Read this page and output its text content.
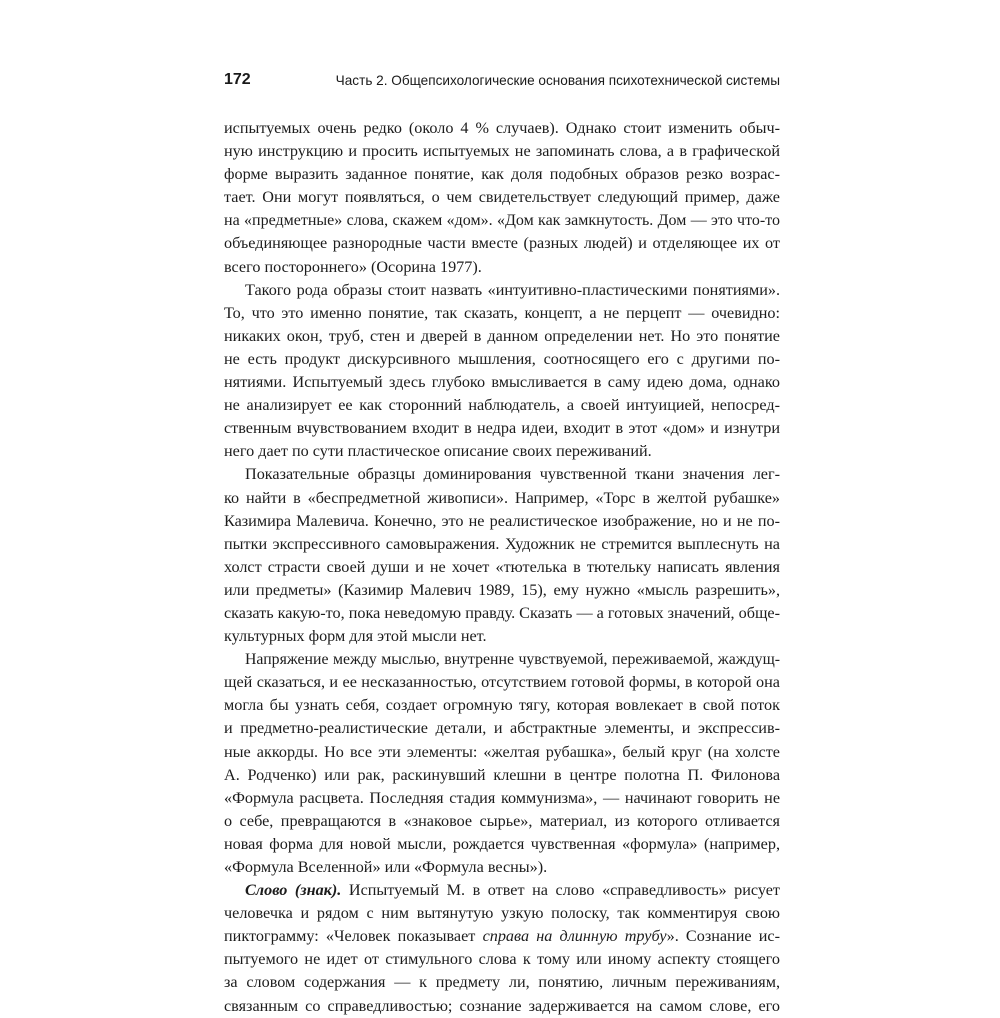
172	Часть 2. Общепсихологические основания психотехнической системы

испытуемых очень редко (около 4 % случаев). Однако стоит изменить обыч-
ную инструкцию и просить испытуемых не запоминать слова, а в графической
форме выразить заданное понятие, как доля подобных образов резко возрас-
тает. Они могут появляться, о чем свидетельствует следующий пример, даже
на «предметные» слова, скажем «дом». «Дом как замкнутость. Дом — это что-то
объединяющее разнородные части вместе (разных людей) и отделяющее их от
всего постороннего» (Осорина 1977).

Такого рода образы стоит назвать «интуитивно-пластическими понятиями».
То, что это именно понятие, так сказать, концепт, а не перцепт — очевидно:
никаких окон, труб, стен и дверей в данном определении нет. Но это понятие
не есть продукт дискурсивного мышления, соотносящего его с другими по-
нятиями. Испытуемый здесь глубоко вмысливается в саму идею дома, однако
не анализирует ее как сторонний наблюдатель, а своей интуицией, непосред-
ственным вчувствованием входит в недра идеи, входит в этот «дом» и изнутри
него дает по сути пластическое описание своих переживаний.

Показательные образцы доминирования чувственной ткани значения лег-
ко найти в «беспредметной живописи». Например, «Торс в желтой рубашке»
Казимира Малевича. Конечно, это не реалистическое изображение, но и не по-
пытки экспрессивного самовыражения. Художник не стремится выплеснуть на
холст страсти своей души и не хочет «тютелька в тютельку написать явления
или предметы» (Казимир Малевич 1989, 15), ему нужно «мысль разрешить»,
сказать какую-то, пока неведомую правду. Сказать — а готовых значений, обще-
культурных форм для этой мысли нет.

Напряжение между мыслью, внутренне чувствуемой, переживаемой, жаждущ-
щей сказаться, и ее несказанностью, отсутствием готовой формы, в которой она
могла бы узнать себя, создает огромную тягу, которая вовлекает в свой поток
и предметно-реалистические детали, и абстрактные элементы, и экспрессив-
ные аккорды. Но все эти элементы: «желтая рубашка», белый круг (на холсте
А. Родченко) или рак, раскинувший клешни в центре полотна П. Филонова
«Формула расцвета. Последняя стадия коммунизма», — начинают говорить не
о себе, превращаются в «знаковое сырье», материал, из которого отливается
новая форма для новой мысли, рождается чувственная «формула» (например,
«Формула Вселенной» или «Формула весны»).

Слово (знак). Испытуемый М. в ответ на слово «справедливость» рисует
человечка и рядом с ним вытянутую узкую полоску, так комментируя свою
пиктограмму: «Человек показывает справа на длинную трубу». Сознание ис-
пытуемого не идет от стимульного слова к тому или иному аспекту стоящего
за словом содержания — к предмету ли, понятию, личным переживаниям,
связанным со справедливостью; сознание задерживается на самом слове, его
